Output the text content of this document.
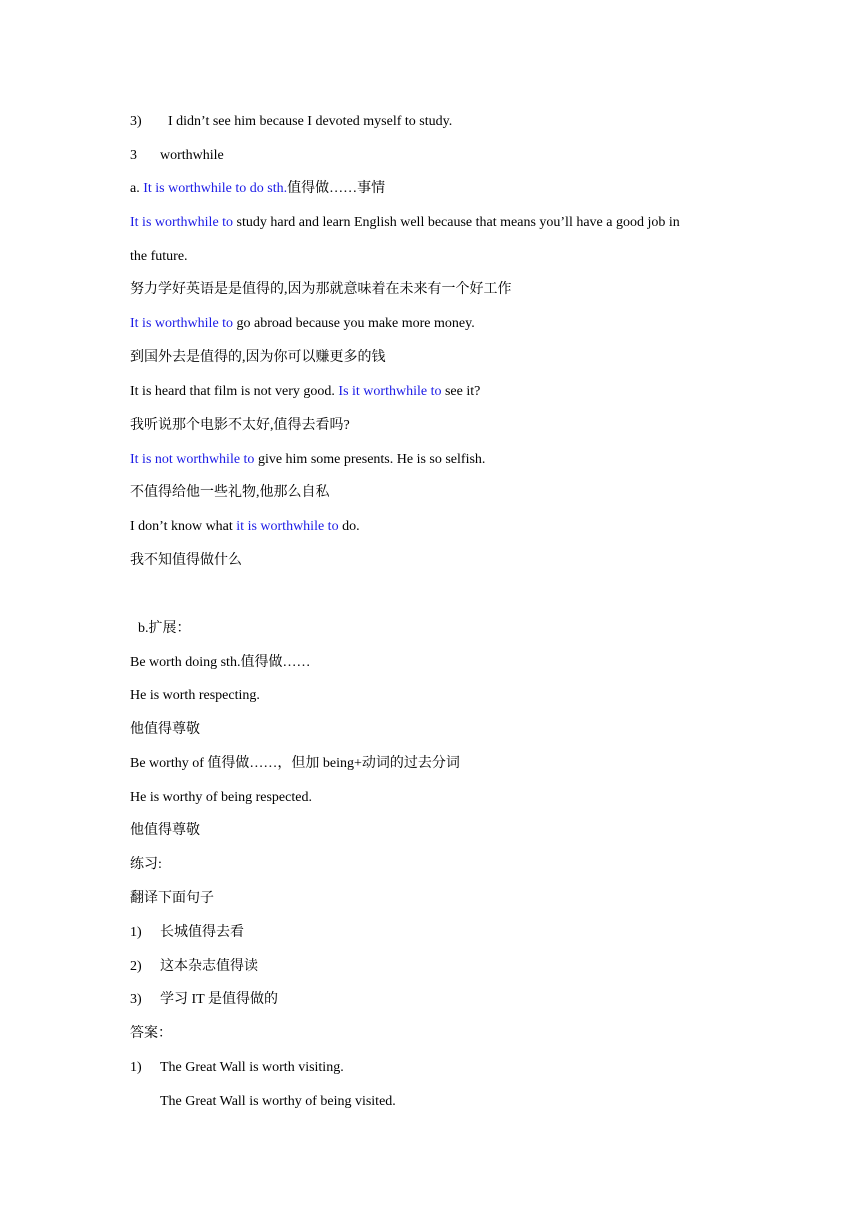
3) I didn’t see him because I devoted myself to study.
3 worthwhile
a. It is worthwhile to do sth.值得做……事情
It is worthwhile to study hard and learn English well because that means you’ll have a good job in
the future.
努力学好英语是是值得的,因为那就意味着在未来有一个好工作
It is worthwhile to go abroad because you make more money.
到国外去是值得的,因为你可以赚更多的钱
It is heard that film is not very good. Is it worthwhile to see it?
我听说那个电影不太好,值得去看吗?
It is not worthwhile to give him some presents. He is so selfish.
不值得给他一些礼物,他那么自私
I don’t know what it is worthwhile to do.
我不知值得做什么
b.扩展：
Be worth doing sth.值得做……
He is worth respecting.
他值得尊敬
Be worthy of 值得做……，但加 being+动词的过去分词
He is worthy of being respected.
他值得尊敬
练习:
翻译下面句子
1) 长城值得去看
2) 这本杂志值得读
3) 学习 IT 是值得做的
答案：
1) The Great Wall is worth visiting.
The Great Wall is worthy of being visited.
